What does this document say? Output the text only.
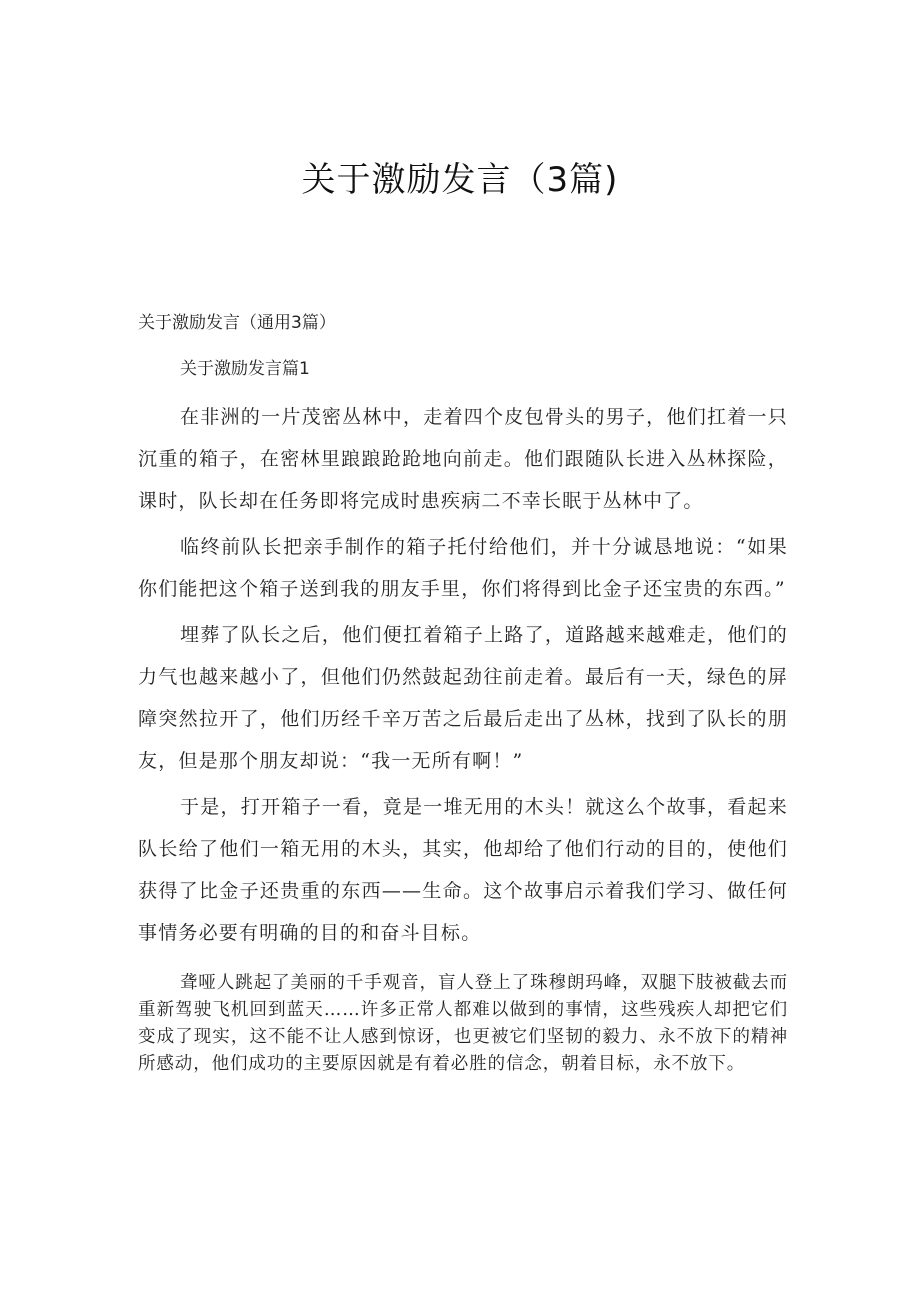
关于激励发言（3篇)
关于激励发言（通用3篇）
关于激励发言篇1

在非洲的一片茂密丛林中，走着四个皮包骨头的男子，他们扛着一只沉重的箱子，在密林里踉踉跄跄地向前走。他们跟随队长进入丛林探险，课时，队长却在任务即将完成时患疾病二不幸长眠于丛林中了。

临终前队长把亲手制作的箱子托付给他们，并十分诚恳地说：“如果你们能把这个箱子送到我的朋友手里，你们将得到比金子还宝贵的东西。”

埋葬了队长之后，他们便扛着箱子上路了，道路越来越难走，他们的力气也越来越小了，但他们仍然鼓起劲往前走着。最后有一天，绿色的屏障突然拉开了，他们历经千辛万苦之后最后走出了丛林，找到了队长的朋友，但是那个朋友却说：“我一无所有啊！”

于是，打开箱子一看，竟是一堆无用的木头！就这么个故事，看起来队长给了他们一箱无用的木头，其实，他却给了他们行动的目的，使他们获得了比金子还贵重的东西——生命。这个故事启示着我们学习、做任何事情务必要有明确的目的和奋斗目标。

聋哑人跳起了美丽的千手观音，盲人登上了珠穆朗玛峰，双腿下肢被截去而重新驾驶飞机回到蓝天……许多正常人都难以做到的事情，这些残疾人却把它们变成了现实，这不能不让人感到惊讶，也更被它们坚韧的毅力、永不放下的精神所感动，他们成功的主要原因就是有着必胜的信念，朝着目标，永不放下。
